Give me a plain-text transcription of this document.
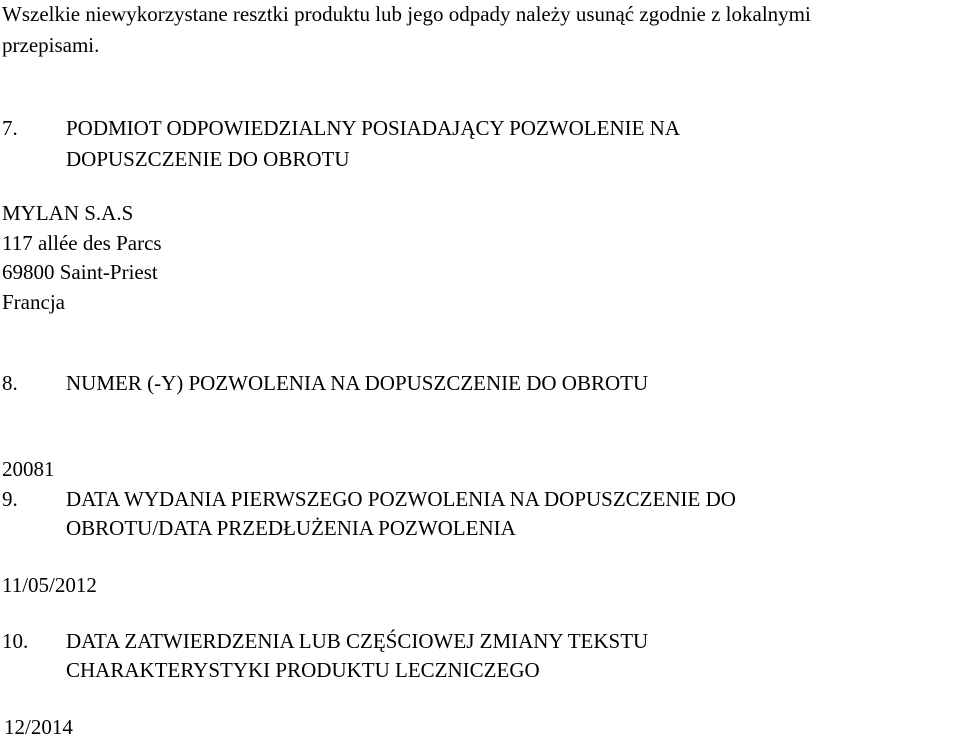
Wszelkie niewykorzystane resztki produktu lub jego odpady należy usunąć zgodnie z lokalnymi
przepisami.
7. PODMIOT ODPOWIEDZIALNY POSIADAJĄCY POZWOLENIE NA
DOPUSZCZENIE DO OBROTU
MYLAN S.A.S
117 allée des Parcs
69800 Saint-Priest
Francja
8. NUMER (-Y) POZWOLENIA NA DOPUSZCZENIE DO OBROTU
20081
9. DATA WYDANIA PIERWSZEGO POZWOLENIA NA DOPUSZCZENIE DO
OBROTU/DATA PRZEDŁUŻENIA POZWOLENIA
11/05/2012
10. DATA ZATWIERDZENIA LUB CZĘŚCIOWEJ ZMIANY TEKSTU
CHARAKTERYSTYKI PRODUKTU LECZNICZEGO
12/2014
